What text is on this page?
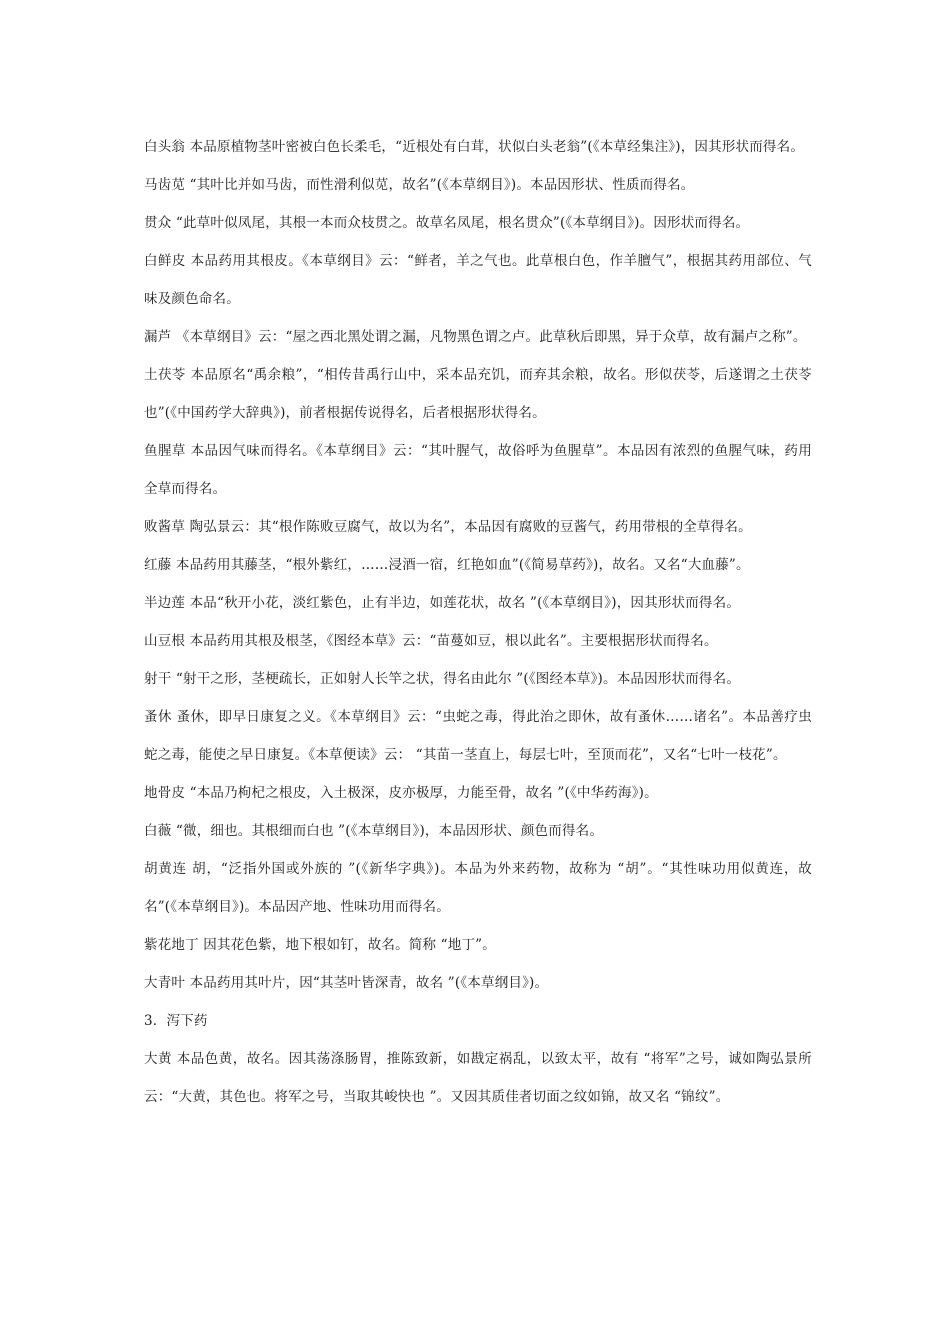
白头翁 本品原植物茎叶密被白色长柔毛，“近根处有白茸，状似白头老翁”(《本草经集注》)，因其形状而得名。

马齿苋 “其叶比并如马齿，而性滑利似苋，故名”(《本草纲目》)。本品因形状、性质而得名。

贯众 “此草叶似凤尾，其根一本而众枝贯之。故草名凤尾，根名贯众”(《本草纲目》)。因形状而得名。

白鲜皮 本品药用其根皮。《本草纲目》云：“鲜者，羊之气也。此草根白色，作羊膻气”，根据其药用部位、气味及颜色命名。

漏芦 《本草纲目》云：“屋之西北黑处谓之漏，凡物黑色谓之卢。此草秋后即黑，异于众草，故有漏卢之称”。

土茯苓 本品原名“禹余粮”，“相传昔禹行山中，采本品充饥，而弃其余粮，故名。形似茯苓，后遂谓之土茯苓也”(《中国药学大辞典》)，前者根据传说得名，后者根据形状得名。

鱼腥草 本品因气味而得名。《本草纲目》云：“其叶腥气，故俗呼为鱼腥草”。本品因有浓烈的鱼腥气味，药用全草而得名。

败酱草 陶弘景云：其“根作陈败豆腐气，故以为名”，本品因有腐败的豆酱气，药用带根的全草得名。

红藤 本品药用其藤茎，“根外紫红，……浸酒一宿，红艳如血”(《简易草药》)，故名。又名“大血藤”。

半边莲 本品“秋开小花，淡红紫色，止有半边，如莲花状，故名 ”(《本草纲目》)，因其形状而得名。

山豆根 本品药用其根及根茎，《图经本草》云：“苗蔓如豆，根以此名”。主要根据形状而得名。

射干 “射干之形，茎梗疏长，正如射人长竿之状，得名由此尔 ”(《图经本草》)。本品因形状而得名。

蚤休 蚤休，即早日康复之义。《本草纲目》云：“虫蛇之毒，得此治之即休，故有蚤休……诸名”。本品善疗虫蛇之毒，能使之早日康复。《本草便读》云： “其苗一茎直上，每层七叶，至顶而花”，又名“七叶一枝花”。

地骨皮 “本品乃枸杞之根皮，入土极深，皮亦极厚，力能至骨，故名 ”(《中华药海》)。

白薇 “微，细也。其根细而白也 ”(《本草纲目》)，本品因形状、颜色而得名。

胡黄连 胡，“泛指外国或外族的 ”(《新华字典》)。本品为外来药物，故称为 “胡”。“其性味功用似黄连，故名”(《本草纲目》)。本品因产地、性味功用而得名。

紫花地丁 因其花色紫，地下根如钉，故名。简称 “地丁”。

大青叶 本品药用其叶片，因“其茎叶皆深青，故名 ”(《本草纲目》)。

3．泻下药

大黄 本品色黄，故名。因其荡涤肠胃，推陈致新，如戡定祸乱，以致太平，故有 “将军”之号，诚如陶弘景所云：“大黄，其色也。将军之号，当取其峻快也 ”。又因其质佳者切面之纹如锦，故又名 “锦纹”。
